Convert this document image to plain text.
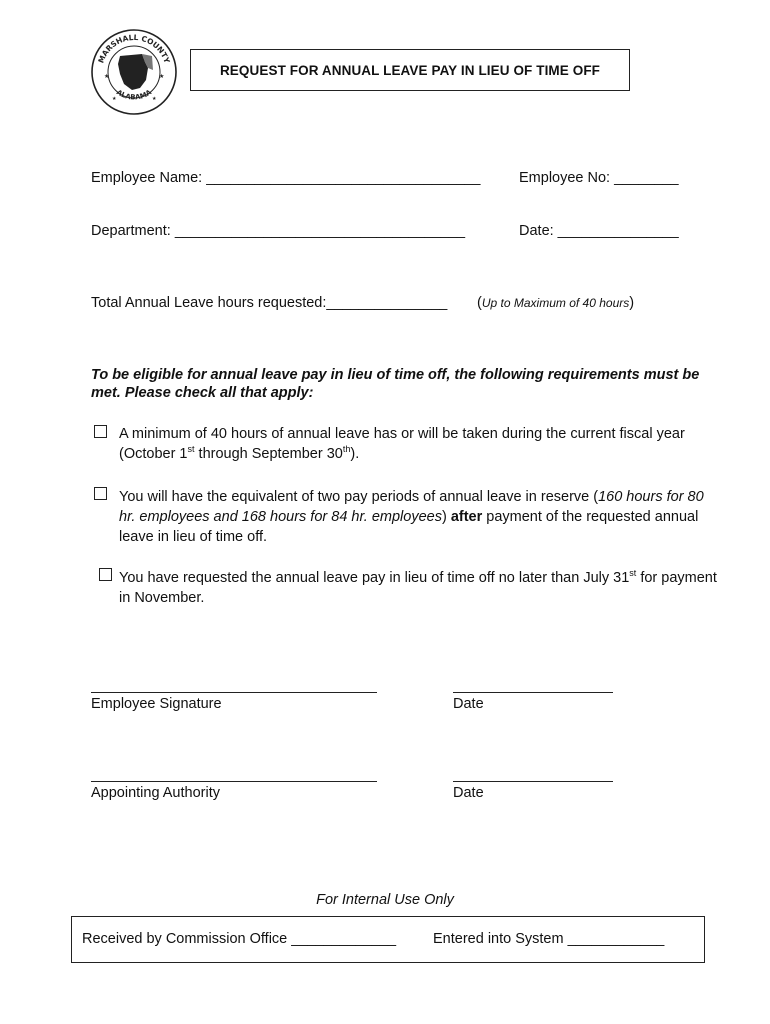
MARSHALL COUNTY
ALABAMA
★	★
★	★
REQUEST FOR ANNUAL LEAVE PAY IN LIEU OF TIME OFF
Employee Name: __________________________________	Employee No: ________
Department: ____________________________________	Date: _______________
Total Annual Leave hours requested:_______________ (Up to Maximum of 40 hours)
To be eligible for annual leave pay in lieu of time off, the following requirements must be met. Please check all that apply:
A minimum of 40 hours of annual leave has or will be taken during the current fiscal year (October 1st through September 30th).
You will have the equivalent of two pay periods of annual leave in reserve (160 hours for 80 hr. employees and 168 hours for 84 hr. employees) after payment of the requested annual leave in lieu of time off.
You have requested the annual leave pay in lieu of time off no later than July 31st for payment in November.
Employee Signature	Date
Appointing Authority	Date
For Internal Use Only
Received by Commission Office _____________	Entered into System ____________
